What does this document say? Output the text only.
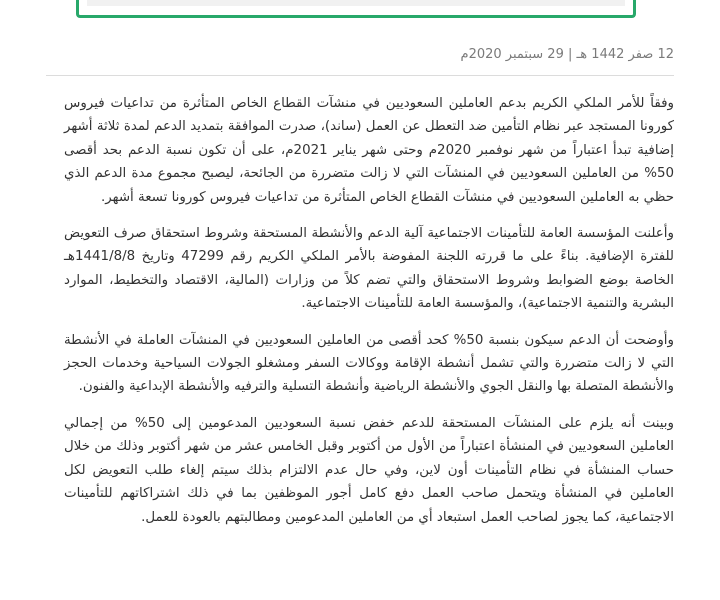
12 صفر 1442 هـ | 29 سبتمبر 2020م

وفقاً للأمر الملكي الكريم بدعم العاملين السعوديين في منشآت القطاع الخاص المتأثرة من تداعيات فيروس كورونا المستجد عبر نظام التأمين ضد التعطل عن العمل (ساند)، صدرت الموافقة بتمديد الدعم لمدة ثلاثة أشهر إضافية تبدأ اعتباراً من شهر نوفمبر 2020م وحتى شهر يناير 2021م، على أن تكون نسبة الدعم بحد أقصى 50% من العاملين السعوديين في المنشآت التي لا زالت متضررة من الجائحة، ليصبح مجموع مدة الدعم الذي حظي به العاملين السعوديين في منشآت القطاع الخاص المتأثرة من تداعيات فيروس كورونا تسعة أشهر.

وأعلنت المؤسسة العامة للتأمينات الاجتماعية آلية الدعم والأنشطة المستحقة وشروط استحقاق صرف التعويض للفترة الإضافية. بناءً على ما قررته اللجنة المفوضة بالأمر الملكي الكريم رقم 47299 وتاريخ 1441/8/8هـ الخاصة بوضع الضوابط وشروط الاستحقاق والتي تضم كلاً من وزارات (المالية، الاقتصاد والتخطيط، الموارد البشرية والتنمية الاجتماعية)، والمؤسسة العامة للتأمينات الاجتماعية.

وأوضحت أن الدعم سيكون بنسبة 50% كحد أقصى من العاملين السعوديين في المنشآت العاملة في الأنشطة التي لا زالت متضررة والتي تشمل أنشطة الإقامة ووكالات السفر ومشغلو الجولات السياحية وخدمات الحجز والأنشطة المتصلة بها والنقل الجوي والأنشطة الرياضية وأنشطة التسلية والترفيه والأنشطة الإبداعية والفنون.

وبينت أنه يلزم على المنشآت المستحقة للدعم خفض نسبة السعوديين المدعومين إلى 50% من إجمالي العاملين السعوديين في المنشأة اعتباراً من الأول من أكتوبر وقبل الخامس عشر من شهر أكتوبر وذلك من خلال حساب المنشأة في نظام التأمينات أون لاين، وفي حال عدم الالتزام بذلك سيتم إلغاء طلب التعويض لكل العاملين في المنشأة ويتحمل صاحب العمل دفع كامل أجور الموظفين بما في ذلك اشتراكاتهم للتأمينات الاجتماعية، كما يجوز لصاحب العمل استبعاد أي من العاملين المدعومين ومطالبتهم بالعودة للعمل.
